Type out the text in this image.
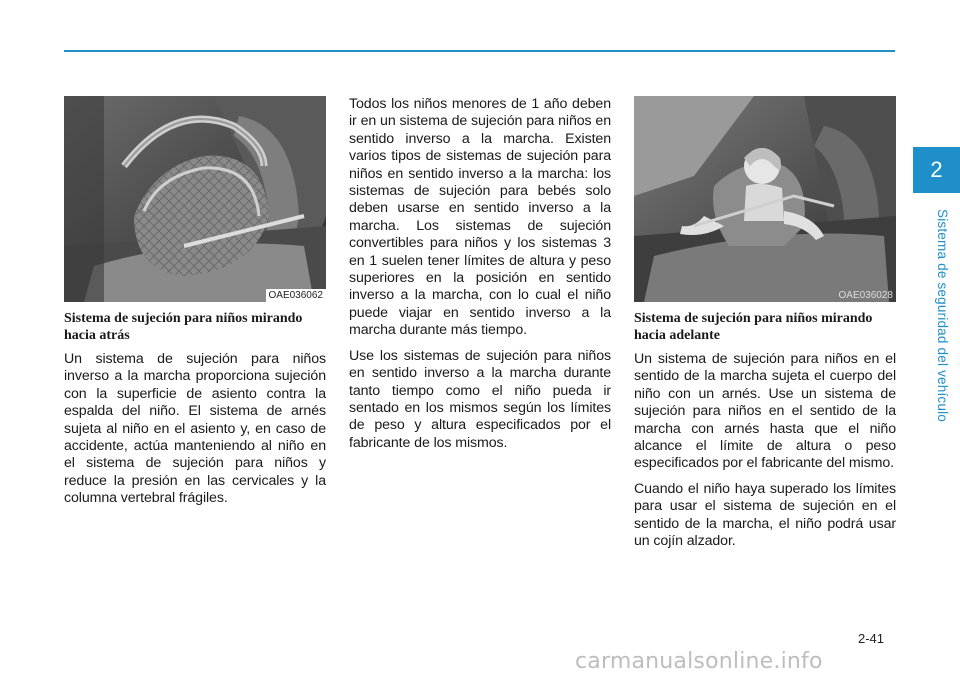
2
Sistema de seguridad del vehículo
OAE036062
Sistema de sujeción para niños mirando hacia atrás

Un sistema de sujeción para niños inverso a la marcha proporciona sujeción con la superficie de asiento contra la espalda del niño. El sistema de arnés sujeta al niño en el asiento y, en caso de accidente, actúa manteniendo al niño en el sistema de sujeción para niños y reduce la presión en las cervicales y la columna vertebral frágiles.

Todos los niños menores de 1 año deben ir en un sistema de sujeción para niños en sentido inverso a la marcha. Existen varios tipos de sistemas de sujeción para niños en sentido inverso a la marcha: los sistemas de sujeción para bebés solo deben usarse en sentido inverso a la marcha. Los sistemas de sujeción convertibles para niños y los sistemas 3 en 1 suelen tener límites de altura y peso superiores en la posición en sentido inverso a la marcha, con lo cual el niño puede viajar en sentido inverso a la marcha durante más tiempo.

Use los sistemas de sujeción para niños en sentido inverso a la marcha durante tanto tiempo como el niño pueda ir sentado en los mismos según los límites de peso y altura especificados por el fabricante de los mismos.

OAE036028
Sistema de sujeción para niños mirando hacia adelante

Un sistema de sujeción para niños en el sentido de la marcha sujeta el cuerpo del niño con un arnés. Use un sistema de sujeción para niños en el sentido de la marcha con arnés hasta que el niño alcance el límite de altura o peso especificados por el fabricante del mismo.

Cuando el niño haya superado los límites para usar el sistema de sujeción en el sentido de la marcha, el niño podrá usar un cojín alzador.

2-41
carmanualsonline.info
